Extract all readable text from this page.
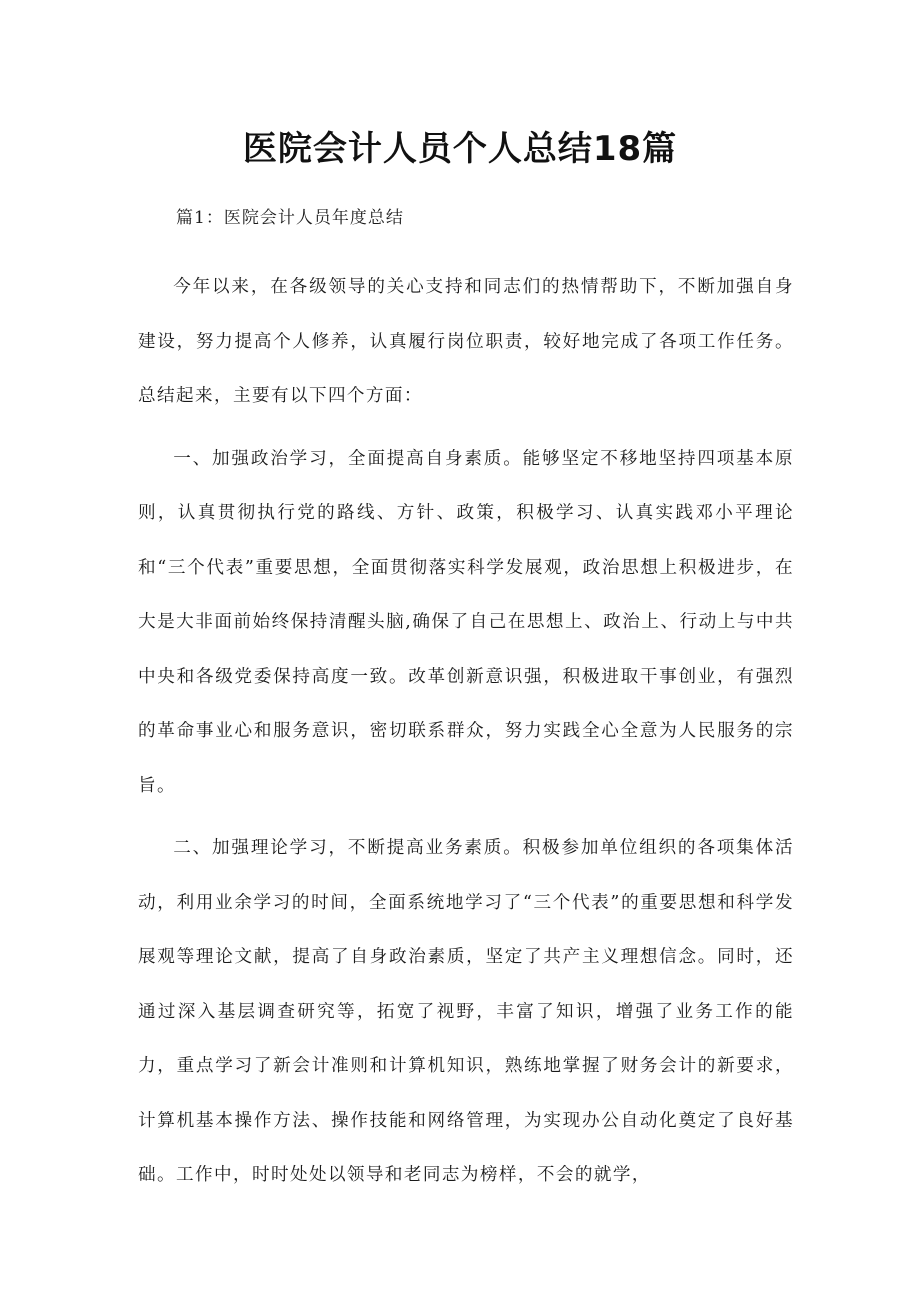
医院会计人员个人总结18篇

篇1：医院会计人员年度总结

今年以来，在各级领导的关心支持和同志们的热情帮助下，不断加强自身建设，努力提高个人修养，认真履行岗位职责，较好地完成了各项工作任务。总结起来，主要有以下四个方面：

一、加强政治学习，全面提高自身素质。能够坚定不移地坚持四项基本原则，认真贯彻执行党的路线、方针、政策，积极学习、认真实践邓小平理论和“三个代表”重要思想，全面贯彻落实科学发展观，政治思想上积极进步，在大是大非面前始终保持清醒头脑,确保了自己在思想上、政治上、行动上与中共中央和各级党委保持高度一致。改革创新意识强，积极进取干事创业，有强烈的革命事业心和服务意识，密切联系群众，努力实践全心全意为人民服务的宗旨。

二、加强理论学习，不断提高业务素质。积极参加单位组织的各项集体活动，利用业余学习的时间，全面系统地学习了“三个代表”的重要思想和科学发展观等理论文献，提高了自身政治素质，坚定了共产主义理想信念。同时，还通过深入基层调查研究等，拓宽了视野，丰富了知识，增强了业务工作的能力，重点学习了新会计准则和计算机知识，熟练地掌握了财务会计的新要求，计算机基本操作方法、操作技能和网络管理，为实现办公自动化奠定了良好基础。工作中，时时处处以领导和老同志为榜样，不会的就学，
